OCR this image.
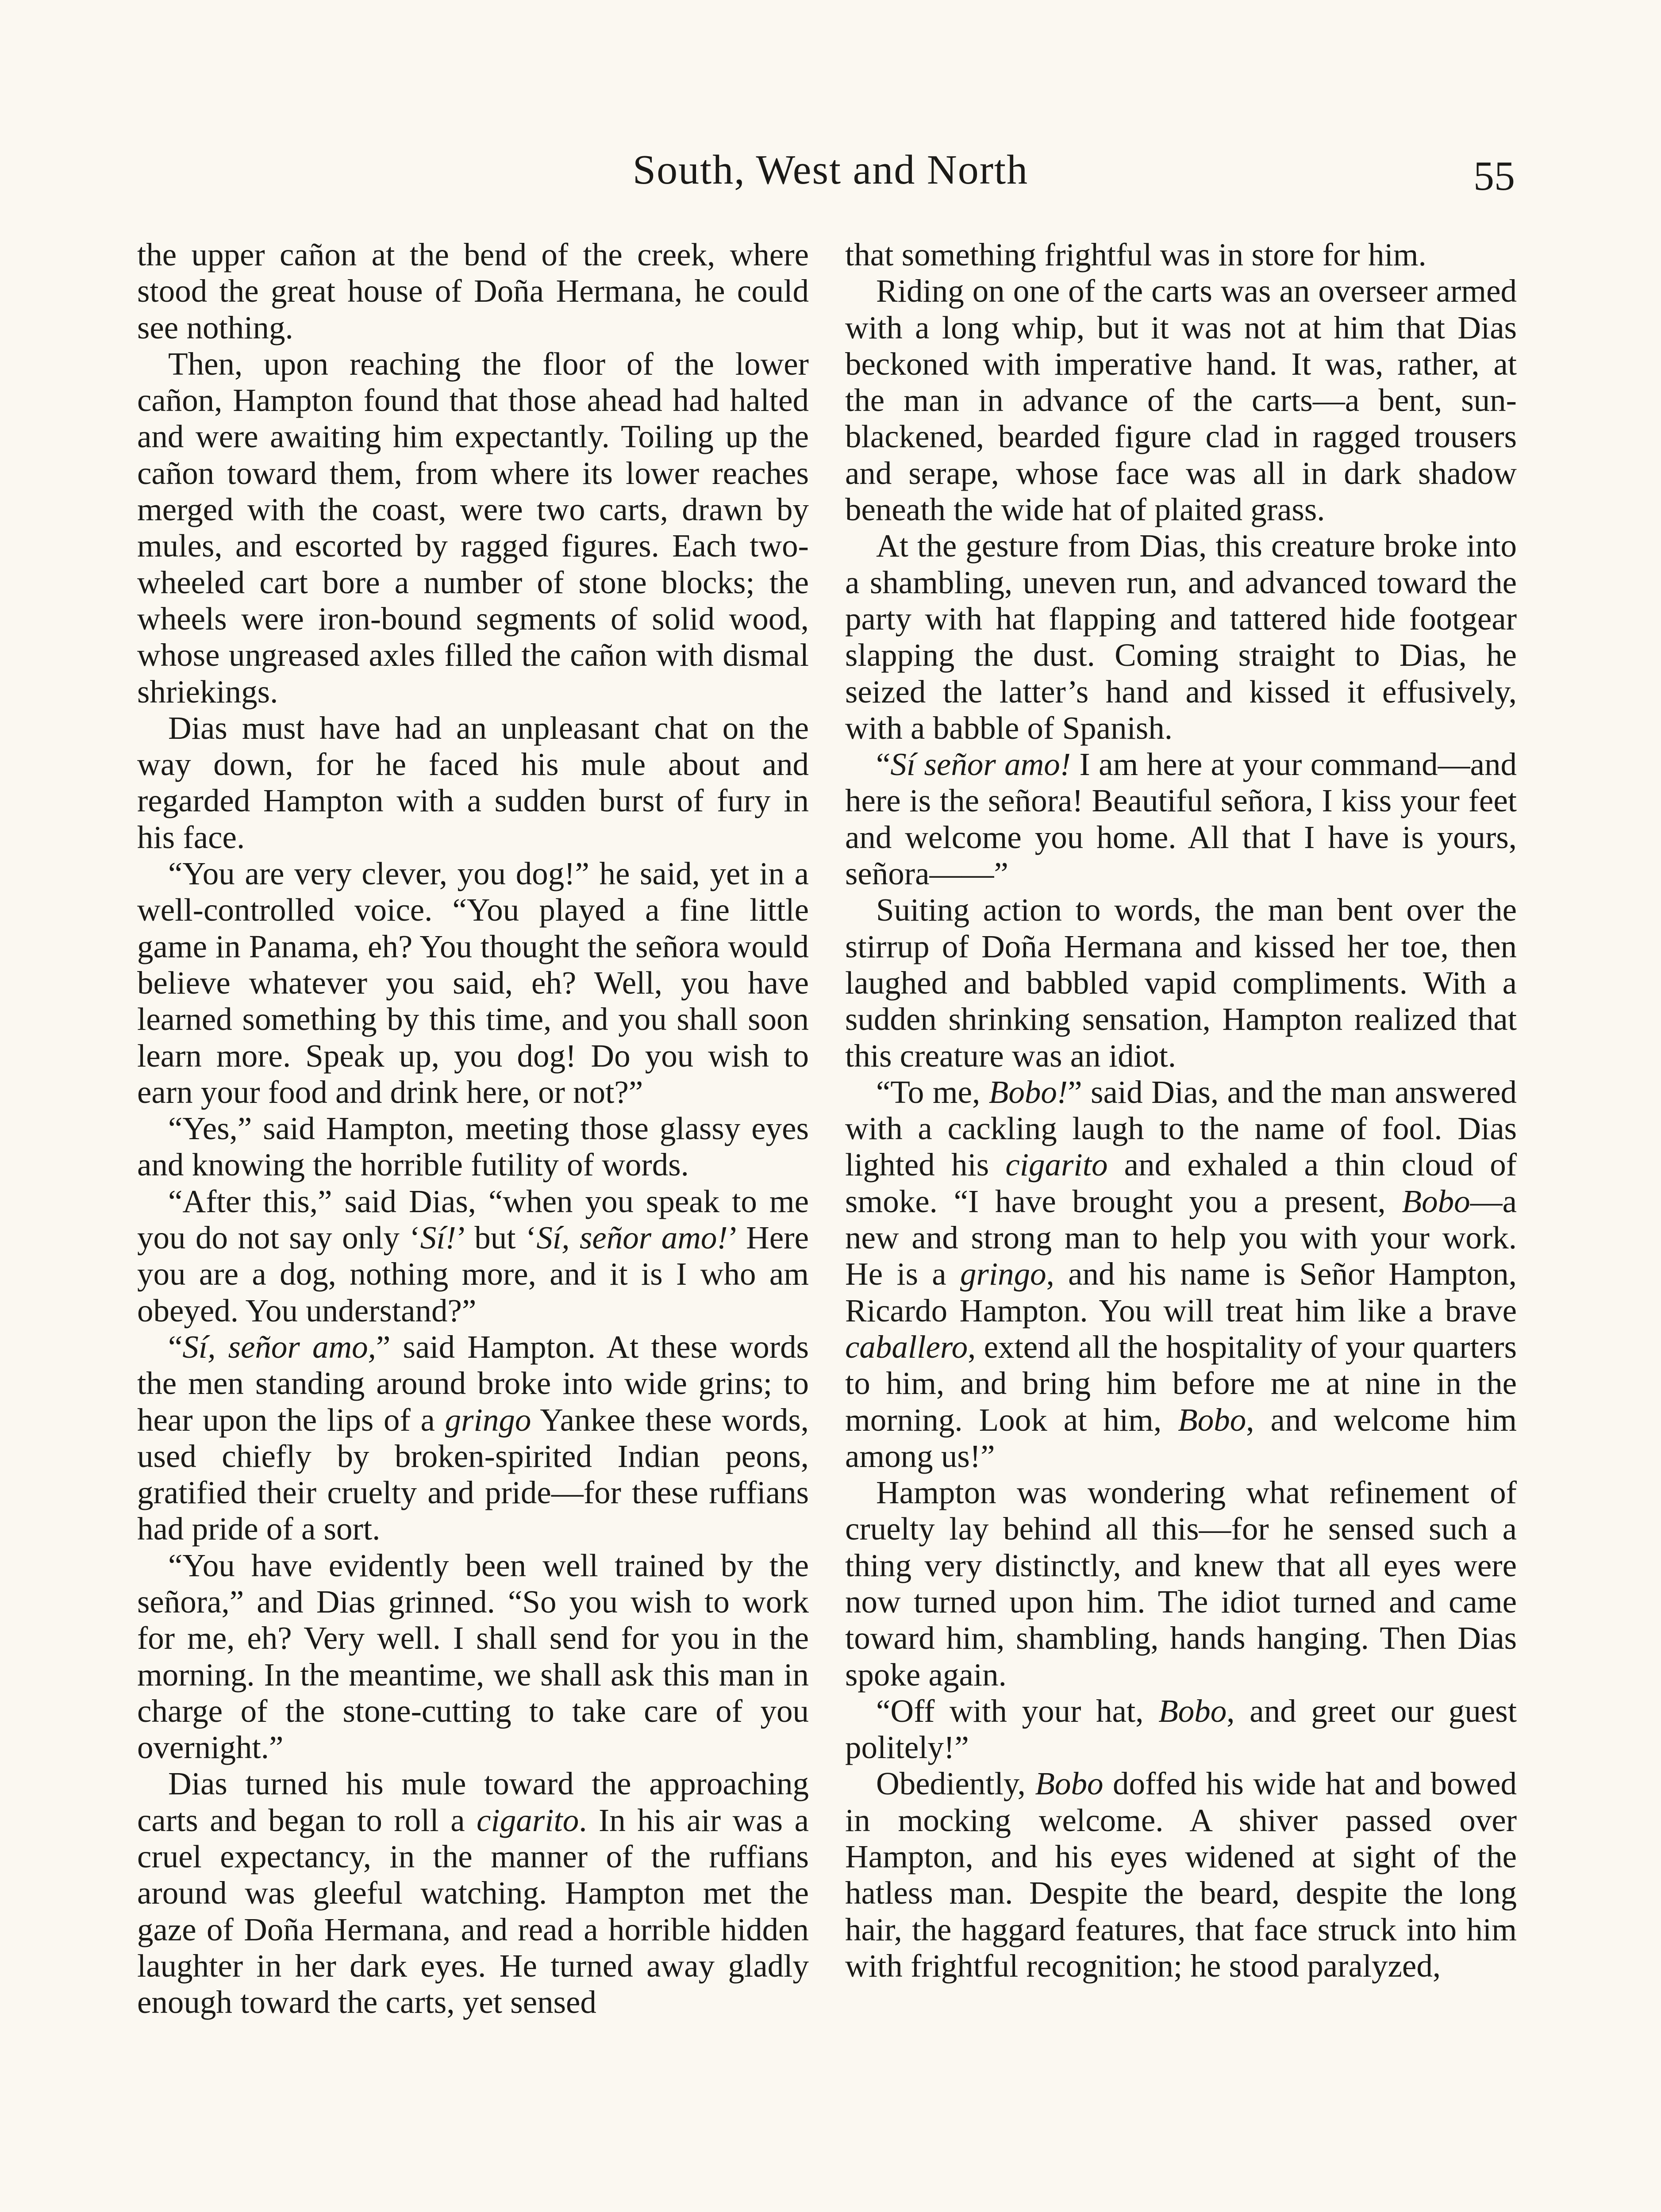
South, West and North	55

the upper cañon at the bend of the creek, where stood the great house of Doña Hermana, he could see nothing.

Then, upon reaching the floor of the lower cañon, Hampton found that those ahead had halted and were awaiting him expectantly. Toiling up the cañon toward them, from where its lower reaches merged with the coast, were two carts, drawn by mules, and escorted by ragged figures. Each two-wheeled cart bore a number of stone blocks; the wheels were iron-bound segments of solid wood, whose ungreased axles filled the cañon with dismal shriekings.

Dias must have had an unpleasant chat on the way down, for he faced his mule about and regarded Hampton with a sudden burst of fury in his face.

“You are very clever, you dog!” he said, yet in a well-controlled voice. “You played a fine little game in Panama, eh? You thought the señora would believe whatever you said, eh? Well, you have learned something by this time, and you shall soon learn more. Speak up, you dog! Do you wish to earn your food and drink here, or not?”

“Yes,” said Hampton, meeting those glassy eyes and knowing the horrible futility of words.

“After this,” said Dias, “when you speak to me you do not say only ‘Sí!’ but ‘Sí, señor amo!’ Here you are a dog, nothing more, and it is I who am obeyed. You understand?”

“Sí, señor amo,” said Hampton. At these words the men standing around broke into wide grins; to hear upon the lips of a gringo Yankee these words, used chiefly by broken-spirited Indian peons, gratified their cruelty and pride—for these ruffians had pride of a sort.

“You have evidently been well trained by the señora,” and Dias grinned. “So you wish to work for me, eh? Very well. I shall send for you in the morning. In the meantime, we shall ask this man in charge of the stone-cutting to take care of you overnight.”

Dias turned his mule toward the approaching carts and began to roll a cigarito. In his air was a cruel expectancy, in the manner of the ruffians around was gleeful watching. Hampton met the gaze of Doña Hermana, and read a horrible hidden laughter in her dark eyes. He turned away gladly enough toward the carts, yet sensed

that something frightful was in store for him.

Riding on one of the carts was an overseer armed with a long whip, but it was not at him that Dias beckoned with imperative hand. It was, rather, at the man in advance of the carts—a bent, sun-blackened, bearded figure clad in ragged trousers and serape, whose face was all in dark shadow beneath the wide hat of plaited grass.

At the gesture from Dias, this creature broke into a shambling, uneven run, and advanced toward the party with hat flapping and tattered hide footgear slapping the dust. Coming straight to Dias, he seized the latter’s hand and kissed it effusively, with a babble of Spanish.

“Sí señor amo! I am here at your command—and here is the señora! Beautiful señora, I kiss your feet and welcome you home. All that I have is yours, señora——”

Suiting action to words, the man bent over the stirrup of Doña Hermana and kissed her toe, then laughed and babbled vapid compliments. With a sudden shrinking sensation, Hampton realized that this creature was an idiot.

“To me, Bobo!” said Dias, and the man answered with a cackling laugh to the name of fool. Dias lighted his cigarito and exhaled a thin cloud of smoke. “I have brought you a present, Bobo—a new and strong man to help you with your work. He is a gringo, and his name is Señor Hampton, Ricardo Hampton. You will treat him like a brave caballero, extend all the hospitality of your quarters to him, and bring him before me at nine in the morning. Look at him, Bobo, and welcome him among us!”

Hampton was wondering what refinement of cruelty lay behind all this—for he sensed such a thing very distinctly, and knew that all eyes were now turned upon him. The idiot turned and came toward him, shambling, hands hanging. Then Dias spoke again.

“Off with your hat, Bobo, and greet our guest politely!”

Obediently, Bobo doffed his wide hat and bowed in mocking welcome. A shiver passed over Hampton, and his eyes widened at sight of the hatless man. Despite the beard, despite the long hair, the haggard features, that face struck into him with frightful recognition; he stood paralyzed,
